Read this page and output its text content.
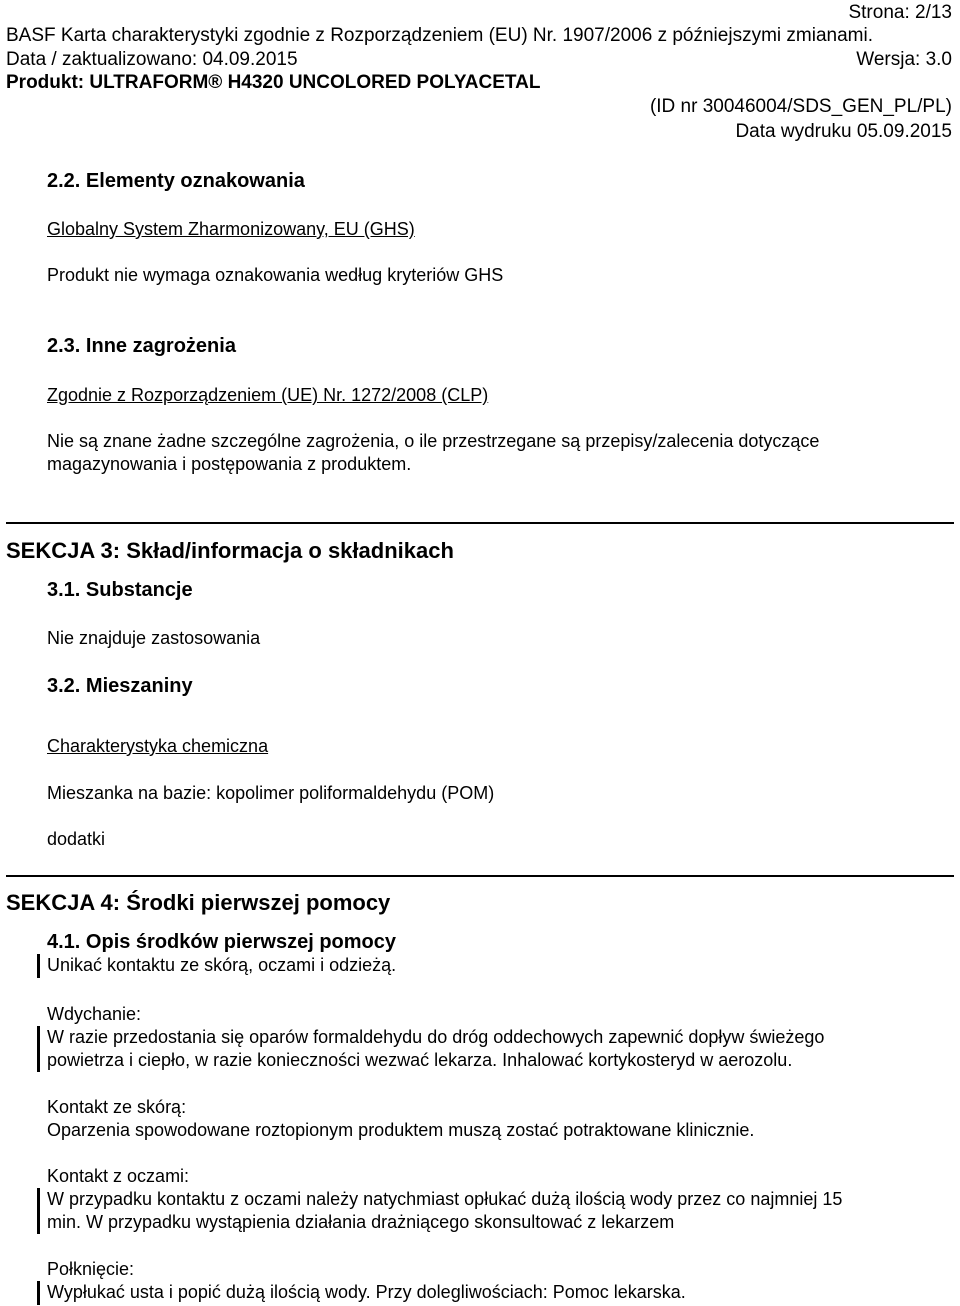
Strona: 2/13
BASF Karta charakterystyki zgodnie z Rozporządzeniem (EU) Nr. 1907/2006 z późniejszymi zmianami.
Data / zaktualizowano: 04.09.2015	Wersja: 3.0
Produkt: ULTRAFORM® H4320 UNCOLORED POLYACETAL
(ID nr 30046004/SDS_GEN_PL/PL)
Data wydruku 05.09.2015
2.2. Elementy oznakowania
Globalny System Zharmonizowany, EU (GHS)
Produkt nie wymaga oznakowania według kryteriów GHS
2.3. Inne zagrożenia
Zgodnie z Rozporządzeniem (UE) Nr. 1272/2008 (CLP)
Nie są znane żadne szczególne zagrożenia, o ile przestrzegane są przepisy/zalecenia dotyczące
magazynowania i postępowania z produktem.
SEKCJA 3: Skład/informacja o składnikach
3.1. Substancje
Nie znajduje zastosowania
3.2. Mieszaniny
Charakterystyka chemiczna
Mieszanka na bazie: kopolimer poliformaldehydu (POM)
dodatki
SEKCJA 4: Środki pierwszej pomocy
4.1. Opis środków pierwszej pomocy
Unikać kontaktu ze skórą, oczami i odzieżą.
Wdychanie:
W razie przedostania się oparów formaldehydu do dróg oddechowych zapewnić dopływ świeżego
powietrza i ciepło, w razie konieczności wezwać lekarza. Inhalować kortykosteryd w aerozolu.
Kontakt ze skórą:
Oparzenia spowodowane roztopionym produktem muszą zostać potraktowane klinicznie.
Kontakt z oczami:
W przypadku kontaktu z oczami należy natychmiast opłukać dużą ilością wody przez co najmniej 15
min. W przypadku wystąpienia działania drażniącego skonsultować z lekarzem
Połknięcie:
Wypłukać usta i popić dużą ilością wody. Przy dolegliwościach: Pomoc lekarska.
